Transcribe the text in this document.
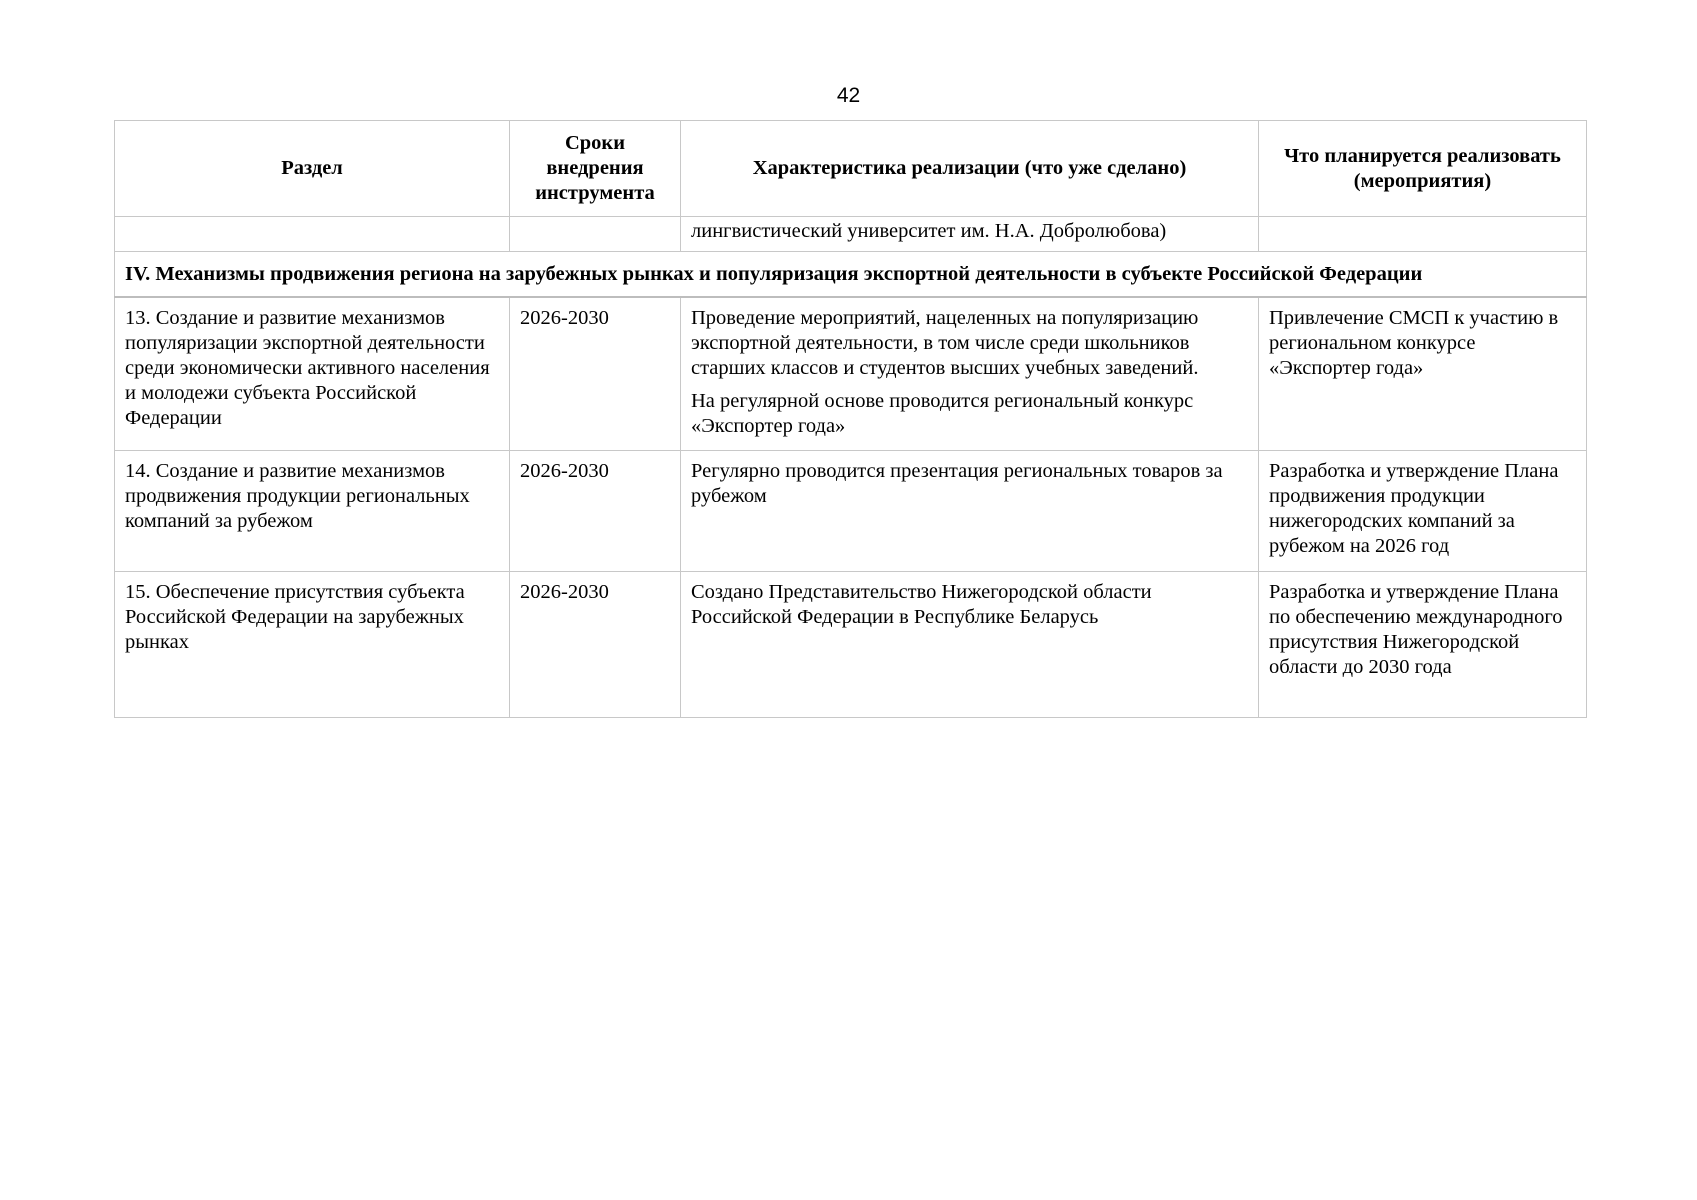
42
Раздел	Сроки внедрения инструмента	Характеристика реализации (что уже сделано)	Что планируется реализовать (мероприятия)
		лингвистический университет им. Н.А. Добролюбова)	
IV. Механизмы продвижения региона на зарубежных рынках и популяризация экспортной деятельности в субъекте Российской Федерации			
13. Создание и развитие механизмов популяризации экспортной деятельности среди экономически активного населения и молодежи субъекта Российской Федерации	2026-2030	Проведение мероприятий, нацеленных на популяризацию экспортной деятельности, в том числе среди школьников старших классов и студентов высших учебных заведений.
На регулярной основе проводится региональный конкурс «Экспортер года»	Привлечение СМСП к участию в региональном конкурсе «Экспортер года»
14. Создание и развитие механизмов продвижения продукции региональных компаний за рубежом	2026-2030	Регулярно проводится презентация региональных товаров за рубежом	Разработка и утверждение Плана продвижения продукции нижегородских компаний за рубежом на 2026 год
15. Обеспечение присутствия субъекта Российской Федерации на зарубежных рынках	2026-2030	Создано Представительство Нижегородской области Российской Федерации в Республике Беларусь	Разработка и утверждение Плана по обеспечению международного присутствия Нижегородской области до 2030 года
